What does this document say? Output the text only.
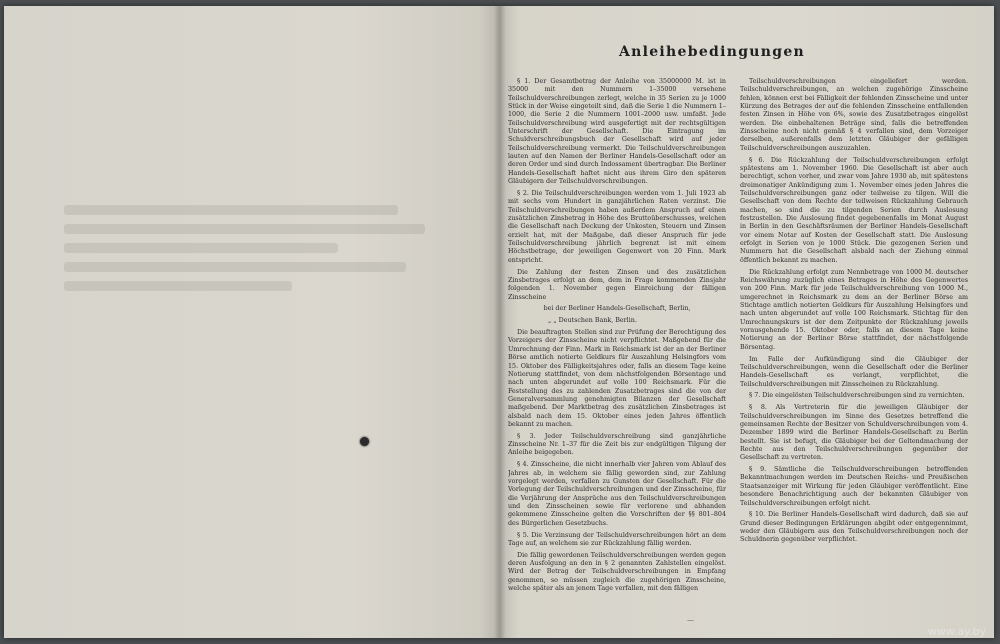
Anleihebedingungen

§ 1. Der Gesamtbetrag der Anleihe von 35000000 M. ist in 35000 mit den Nummern 1–35000 versehene Teilschuldverschreibungen zerlegt, welche in 35 Serien zu je 1000 Stück in der Weise eingeteilt sind, daß die Serie 1 die Nummern 1–1000, die Serie 2 die Nummern 1001–2000 usw. umfaßt. Jede Teilschuldverschreibung wird ausgefertigt mit der rechtsgültigen Unterschrift der Gesellschaft. Die Eintragung im Schuldverschreibungsbuch der Gesellschaft wird auf jeder Teilschuldverschreibung vermerkt. Die Teilschuldverschreibungen lauten auf den Namen der Berliner Handels-Gesellschaft oder an deren Order und sind durch Indossament übertragbar. Die Berliner Handels-Gesellschaft haftet nicht aus ihrem Giro den späteren Gläubigern der Teilschuldverschreibungen.

§ 2. Die Teilschuldverschreibungen werden vom 1. Juli 1923 ab mit sechs vom Hundert in ganzjährlichen Raten verzinst. Die Teilschuldverschreibungen haben außerdem Anspruch auf einen zusätzlichen Zinsbetrag in Höhe des Bruttoüberschusses, welchen die Gesellschaft nach Deckung der Unkosten, Steuern und Zinsen erzielt hat, mit der Maßgabe, daß dieser Anspruch für jede Teilschuldverschreibung jährlich begrenzt ist mit einem Höchstbetrage, der jeweiligen Gegenwert von 20 Finn. Mark entspricht.

Die Zahlung der festen Zinsen und des zusätzlichen Zinsbetrages erfolgt an dem, dem in Frage kommenden Zinsjahr folgenden 1. November gegen Einreichung der fälligen Zinsscheine

bei der Berliner Handels-Gesellschaft, Berlin,

„ „ Deutschen Bank, Berlin.

Die beauftragten Stellen sind zur Prüfung der Berechtigung des Vorzeigers der Zinsscheine nicht verpflichtet. Maßgebend für die Umrechnung der Finn. Mark in Reichsmark ist der an der Berliner Börse amtlich notierte Geldkurs für Auszahlung Helsingfors vom 15. Oktober des Fälligkeitsjahres oder, falls an diesem Tage keine Notierung stattfindet, von dem nächstfolgenden Börsentage und nach unten abgerundet auf volle 100 Reichsmark. Für die Feststellung des zu zahlenden Zusatzbetrages sind die von der Generalversammlung genehmigten Bilanzen der Gesellschaft maßgebend. Der Marktbetrag des zusätzlichen Zinsbetrages ist alsbald nach dem 15. Oktober eines jeden Jahres öffentlich bekannt zu machen.

§ 3. Jeder Teilschuldverschreibung sind ganzjährliche Zinsscheine Nr. 1–37 für die Zeit bis zur endgültigen Tilgung der Anleihe beigegeben.

§ 4. Zinsscheine, die nicht innerhalb vier Jahren vom Ablauf des Jahres ab, in welchem sie fällig geworden sind, zur Zahlung vorgelegt werden, verfallen zu Gunsten der Gesellschaft. Für die Vorlegung der Teilschuldverschreibungen und der Zinsscheine, für die Verjährung der Ansprüche aus den Teilschuldverschreibungen und den Zinsscheinen sowie für verlorene und abhanden gekommene Zinsscheine gelten die Vorschriften der §§ 801–804 des Bürgerlichen Gesetzbuchs.

§ 5. Die Verzinsung der Teilschuldverschreibungen hört an dem Tage auf, an welchem sie zur Rückzahlung fällig werden.

Die fällig gewordenen Teilschuldverschreibungen werden gegen deren Ausfolgung an den in § 2 genannten Zahlstellen eingelöst. Wird der Betrag der Teilschuldverschreibungen in Empfang genommen, so müssen zugleich die zugehörigen Zinsscheine, welche später als an jenem Tage verfallen, mit den fälligen

Teilschuldverschreibungen eingeliefert werden. Teilschuldverschreibungen, an welchen zugehörige Zinsscheine fehlen, können erst bei Fälligkeit der fehlenden Zinsscheine und unter Kürzung des Betrages der auf die fehlenden Zinsscheine entfallenden festen Zinsen in Höhe von 6%, sowie des Zusatzbetrages eingelöst werden. Die einbehaltenen Beträge sind, falls die betreffenden Zinsscheine noch nicht gemäß § 4 verfallen sind, dem Vorzeiger derselben, außerenfalls dem letzten Gläubiger der gefälligen Teilschuldverschreibungen auszuzahlen.

§ 6. Die Rückzahlung der Teilschuldverschreibungen erfolgt spätestens am 1. November 1960. Die Gesellschaft ist aber auch berechtigt, schon vorher, und zwar vom Jahre 1930 ab, mit spätestens dreimonatiger Ankündigung zum 1. November eines jeden Jahres die Teilschuldverschreibungen ganz oder teilweise zu tilgen. Will die Gesellschaft von dem Rechte der teilweisen Rückzahlung Gebrauch machen, so sind die zu tilgenden Serien durch Auslosung festzustellen. Die Auslosung findet gegebenenfalls im Monat August in Berlin in den Geschäftsräumen der Berliner Handels-Gesellschaft vor einem Notar auf Kosten der Gesellschaft statt. Die Auslosung erfolgt in Serien von je 1000 Stück. Die gezogenen Serien und Nummern hat die Gesellschaft alsbald nach der Ziehung einmal öffentlich bekannt zu machen.

Die Rückzahlung erfolgt zum Nennbetrage von 1000 M. deutscher Reichswährung zuzüglich eines Betrages in Höhe des Gegenwertes von 200 Finn. Mark für jede Teilschuldverschreibung von 1000 M., umgerechnet in Reichsmark zu dem an der Berliner Börse am Stichtage amtlich notierten Geldkurs für Auszahlung Helsingfors und nach unten abgerundet auf volle 100 Reichsmark. Stichtag für den Umrechnungskurs ist der dem Zeitpunkte der Rückzahlung jeweils vorausgehende 15. Oktober oder, falls an diesem Tage keine Notierung an der Berliner Börse stattfindet, der nächstfolgende Börsentag.

Im Falle der Aufkündigung sind die Gläubiger der Teilschuldverschreibungen, wenn die Gesellschaft oder die Berliner Handels-Gesellschaft es verlangt, verpflichtet, die Teilschuldverschreibungen mit Zinsscheinen zu Rückzahlung.

§ 7. Die eingelösten Teilschuldverschreibungen sind zu vernichten.

§ 8. Als Vertreterin für die jeweiligen Gläubiger der Teilschuldverschreibungen im Sinne des Gesetzes betreffend die gemeinsamen Rechte der Besitzer von Schuldverschreibungen vom 4. Dezember 1899 wird die Berliner Handels-Gesellschaft zu Berlin bestellt. Sie ist befugt, die Gläubiger bei der Geltendmachung der Rechte aus den Teilschuldverschreibungen gegenüber der Gesellschaft zu vertreten.

§ 9. Sämtliche die Teilschuldverschreibungen betreffenden Bekanntmachungen werden im Deutschen Reichs- und Preußischen Staatsanzeiger mit Wirkung für jeden Gläubiger veröffentlicht. Eine besondere Benachrichtigung auch der bekannten Gläubiger von Teilschuldverschreibungen erfolgt nicht.

§ 10. Die Berliner Handels-Gesellschaft wird dadurch, daß sie auf Grund dieser Bedingungen Erklärungen abgibt oder entgegennimmt, weder den Gläubigern aus den Teilschuldverschreibungen noch der Schuldnerin gegenüber verpflichtet.

—
www.ay.by
